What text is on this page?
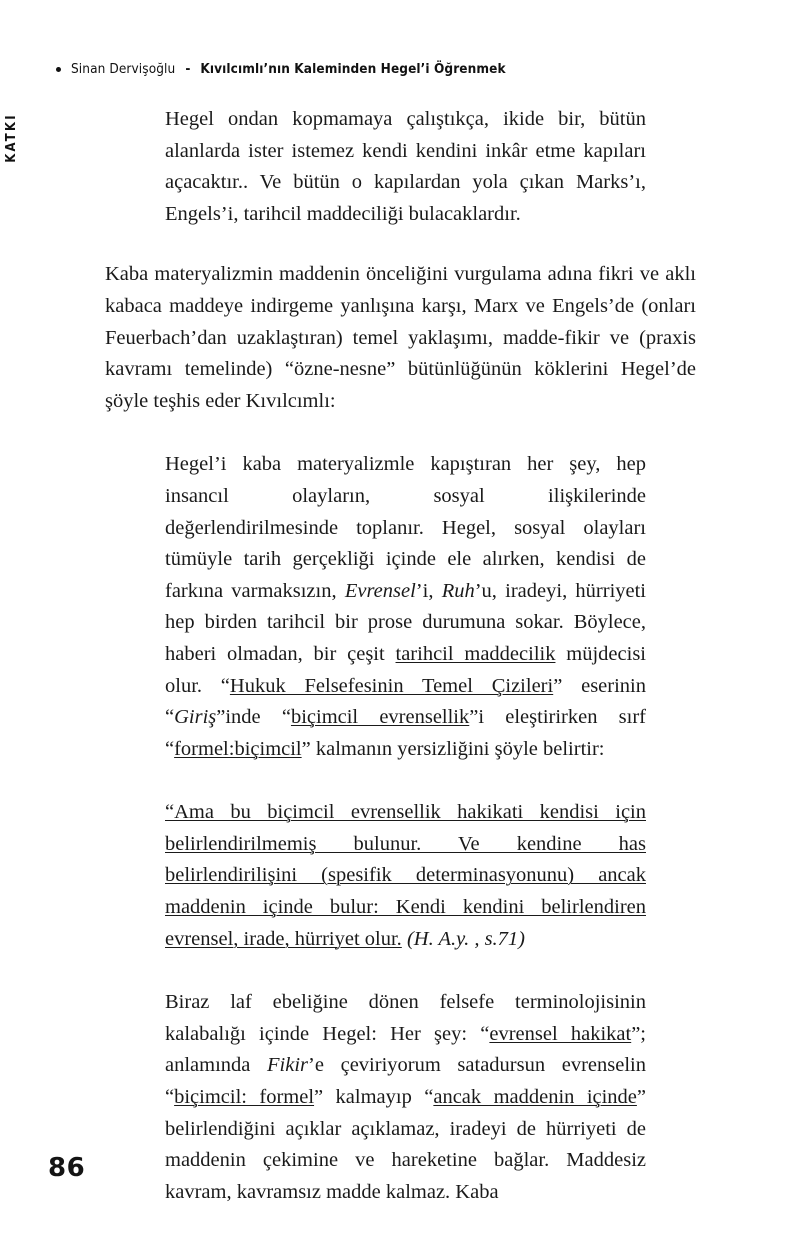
Sinan Dervişoğlu - Kıvılcımlı’nın Kaleminden Hegel’i Öğrenmek
KATKI	Hegel ondan kopmamaya çalıştıkça, ikide bir, bütün alanlarda ister istemez kendi kendini inkâr etme kapıları açacaktır.. Ve bütün o kapılardan yola çıkan Marks’ı, Engels’i, tarihcil maddeciliği bulacaklardır.

Kaba materyalizmin maddenin önceliğini vurgulama adına fikri ve aklı kabaca maddeye indirgeme yanlışına karşı, Marx ve Engels’de (onları Feuerbach’dan uzaklaştıran) temel yaklaşımı, madde-fikir ve (praxis kavramı temelinde) “özne-nesne” bütünlüğünün köklerini Hegel’de şöyle teşhis eder Kıvılcımlı:

Hegel’i kaba materyalizmle kapıştıran her şey, hep insancıl olayların, sosyal ilişkilerinde değerlendirilmesinde toplanır. Hegel, sosyal olayları tümüyle tarih gerçekliği içinde ele alırken, kendisi de farkına varmaksızın, Evrensel’i, Ruh’u, iradeyi, hürriyeti hep birden tarihcil bir prose durumuna sokar. Böylece, haberi olmadan, bir çeşit tarihcil maddecilik müjdecisi olur. “Hukuk Felsefesinin Temel Çizileri” eserinin “Giriş”inde “biçimcil evrensellik”i eleştirirken sırf “formel:biçimcil” kalmanın yersizliğini şöyle belirtir:

“Ama bu biçimcil evrensellik hakikati kendisi için belirlendirilmemiş bulunur. Ve kendine has belirlendirilişini (spesifik determinasyonunu) ancak maddenin içinde bulur: Kendi kendini belirlendiren evrensel, irade, hürriyet olur. (H. A.y. , s.71)

Biraz laf ebeliğine dönen felsefe terminolojisinin kalabalığı içinde Hegel: Her şey: “evrensel hakikat”; anlamında Fikir’e çeviriyorum satadursun evrenselin “biçimcil: formel” kalmayıp “ancak maddenin içinde” belirlendiğini açıklar açıklamaz, iradeyi de hürriyeti de maddenin çekimine ve hareketine bağlar. Maddesiz kavram, kavramsız madde kalmaz. Kaba

86
